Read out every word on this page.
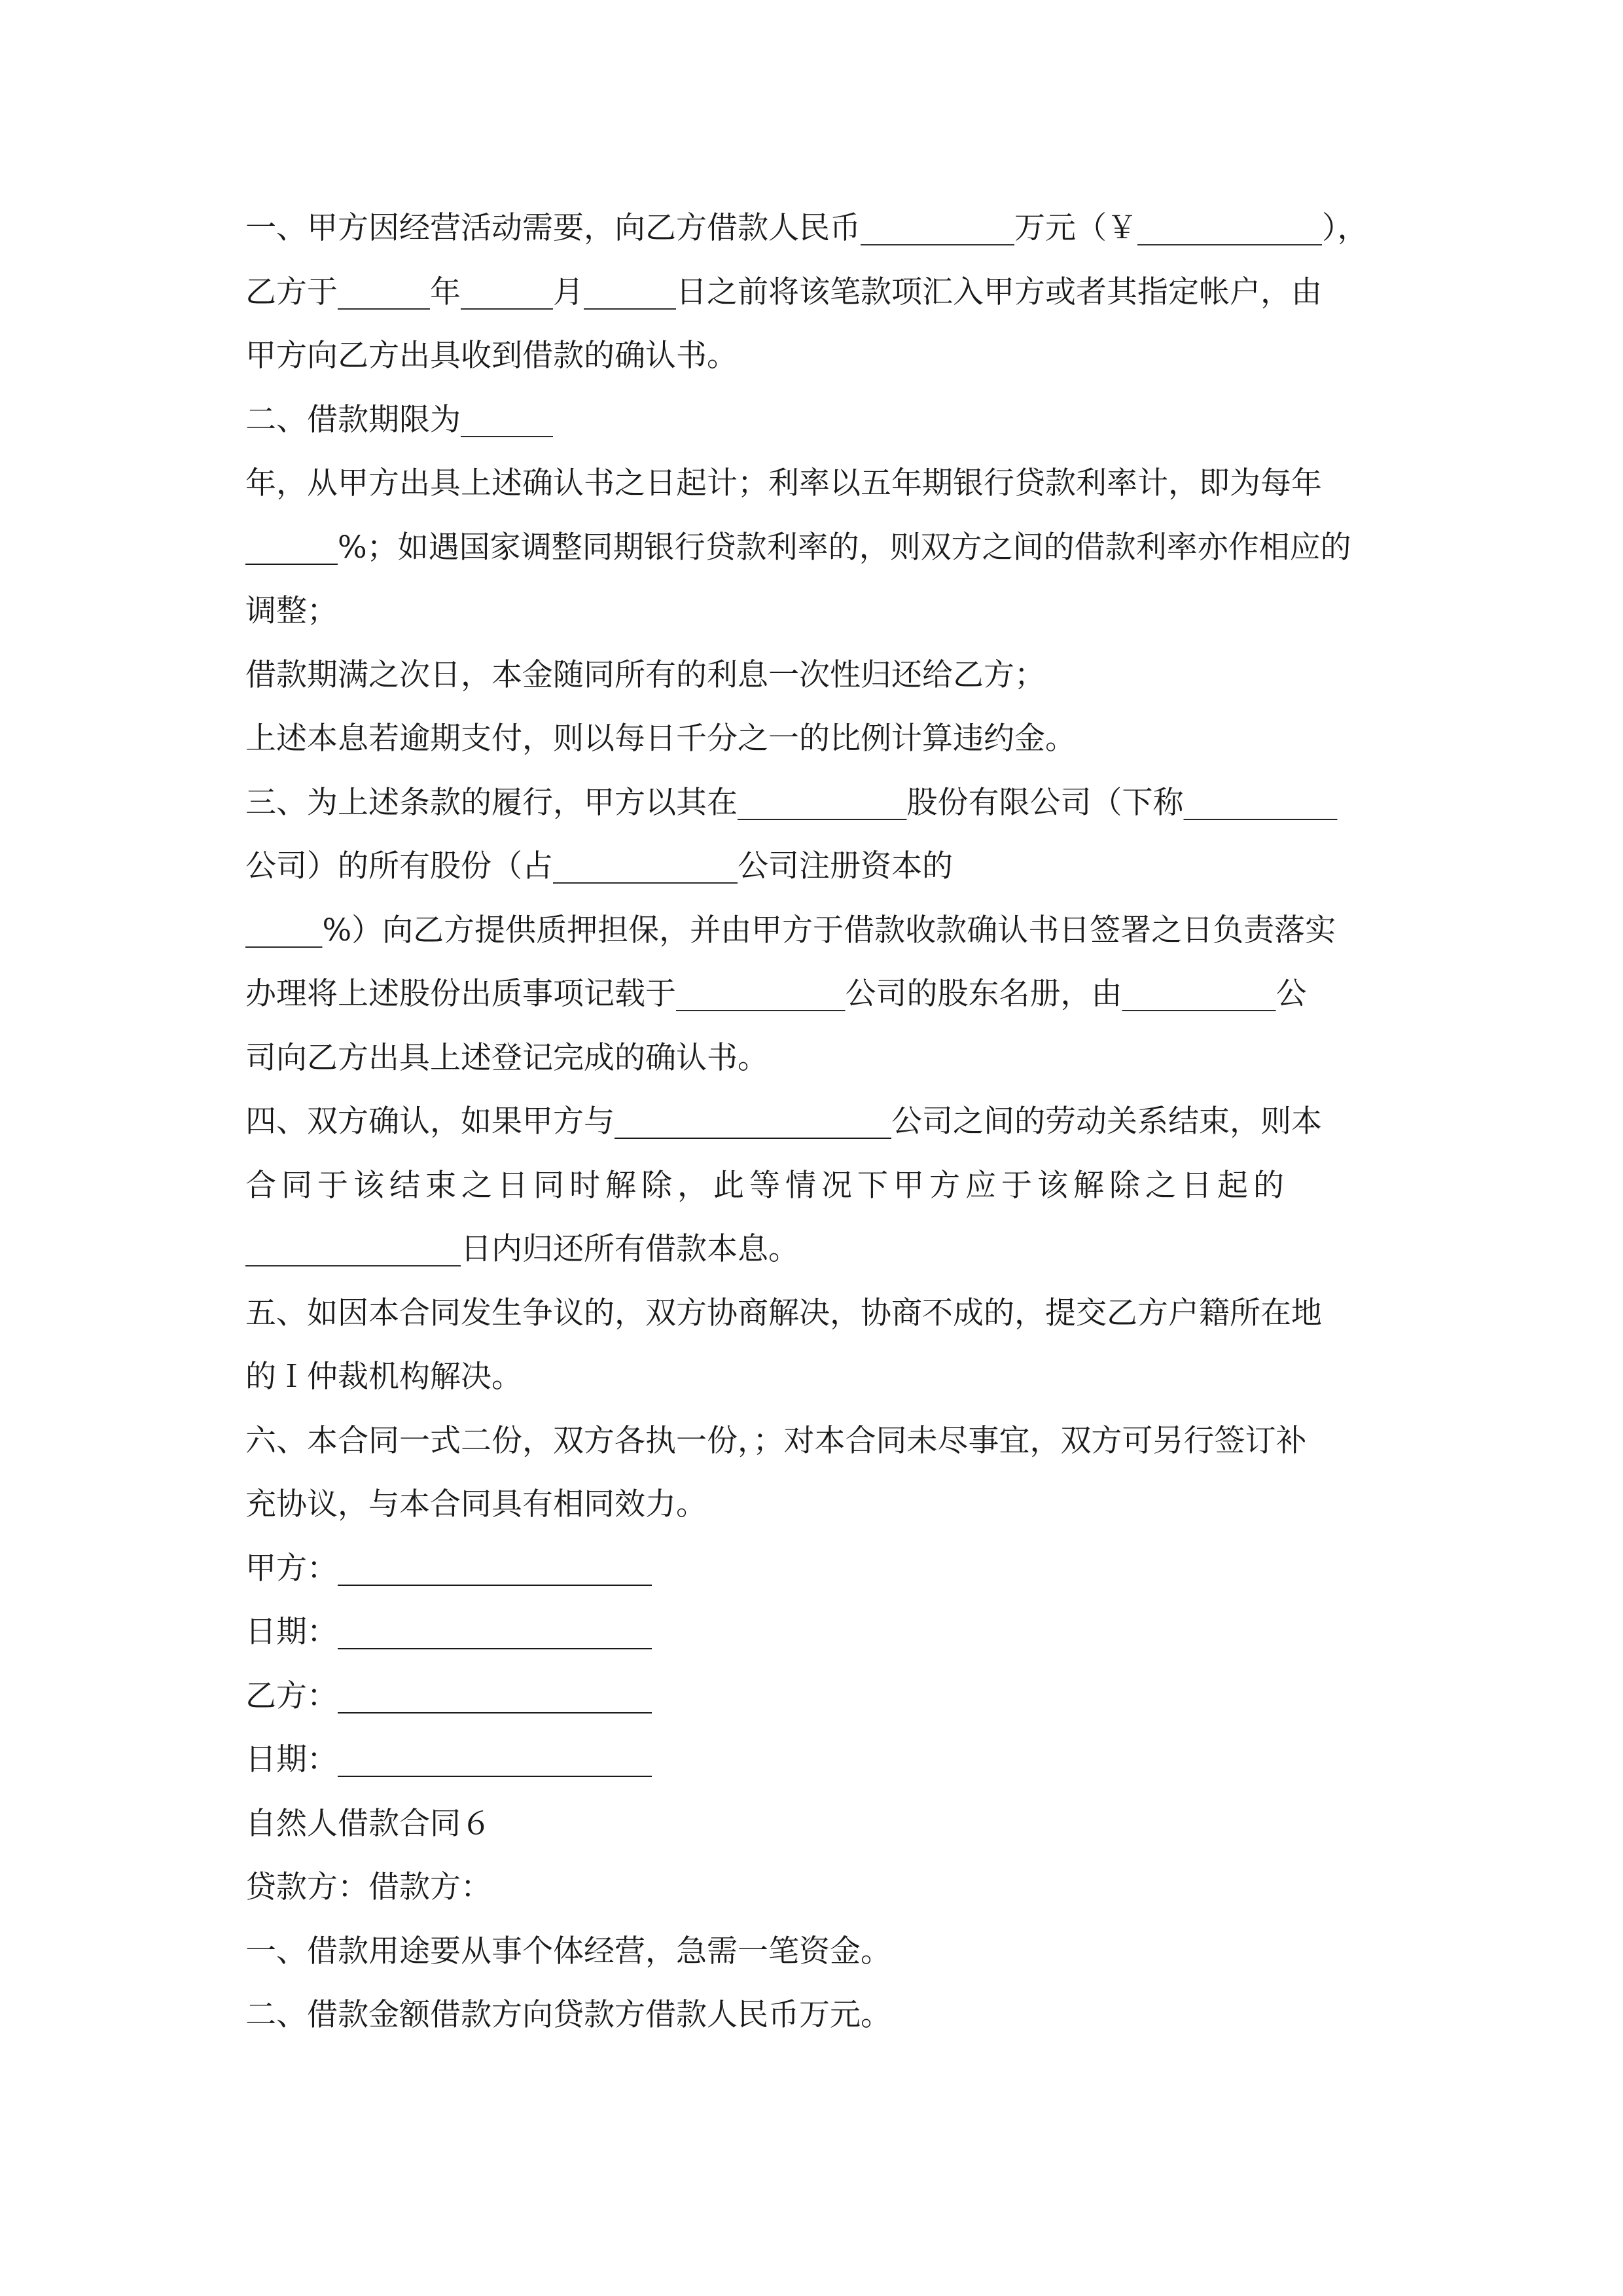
一、甲方因经营活动需要，向乙方借款人民币__________万元（￥____________），
乙方于______年______月______日之前将该笔款项汇入甲方或者其指定帐户，由
甲方向乙方出具收到借款的确认书。
二、借款期限为______
年，从甲方出具上述确认书之日起计；利率以五年期银行贷款利率计，即为每年
______%；如遇国家调整同期银行贷款利率的，则双方之间的借款利率亦作相应的
调整；
借款期满之次日，本金随同所有的利息一次性归还给乙方；
上述本息若逾期支付，则以每日千分之一的比例计算违约金。
三、为上述条款的履行，甲方以其在___________股份有限公司（下称__________
公司）的所有股份（占____________公司注册资本的
_____%）向乙方提供质押担保，并由甲方于借款收款确认书日签署之日负责落实
办理将上述股份出质事项记载于___________公司的股东名册，由__________公
司向乙方出具上述登记完成的确认书。
四、双方确认，如果甲方与__________________公司之间的劳动关系结束，则本
合同于该结束之日同时解除，此等情况下甲方应于该解除之日起的
______________日内归还所有借款本息。
五、如因本合同发生争议的，双方协商解决，协商不成的，提交乙方户籍所在地
的Ｉ仲裁机构解决。
六、本合同一式二份，双方各执一份，；对本合同未尽事宜，双方可另行签订补
充协议，与本合同具有相同效力。
甲方：
日期：
乙方：
日期：
自然人借款合同６
贷款方：借款方：
一、借款用途要从事个体经营，急需一笔资金。
二、借款金额借款方向贷款方借款人民币万元。
